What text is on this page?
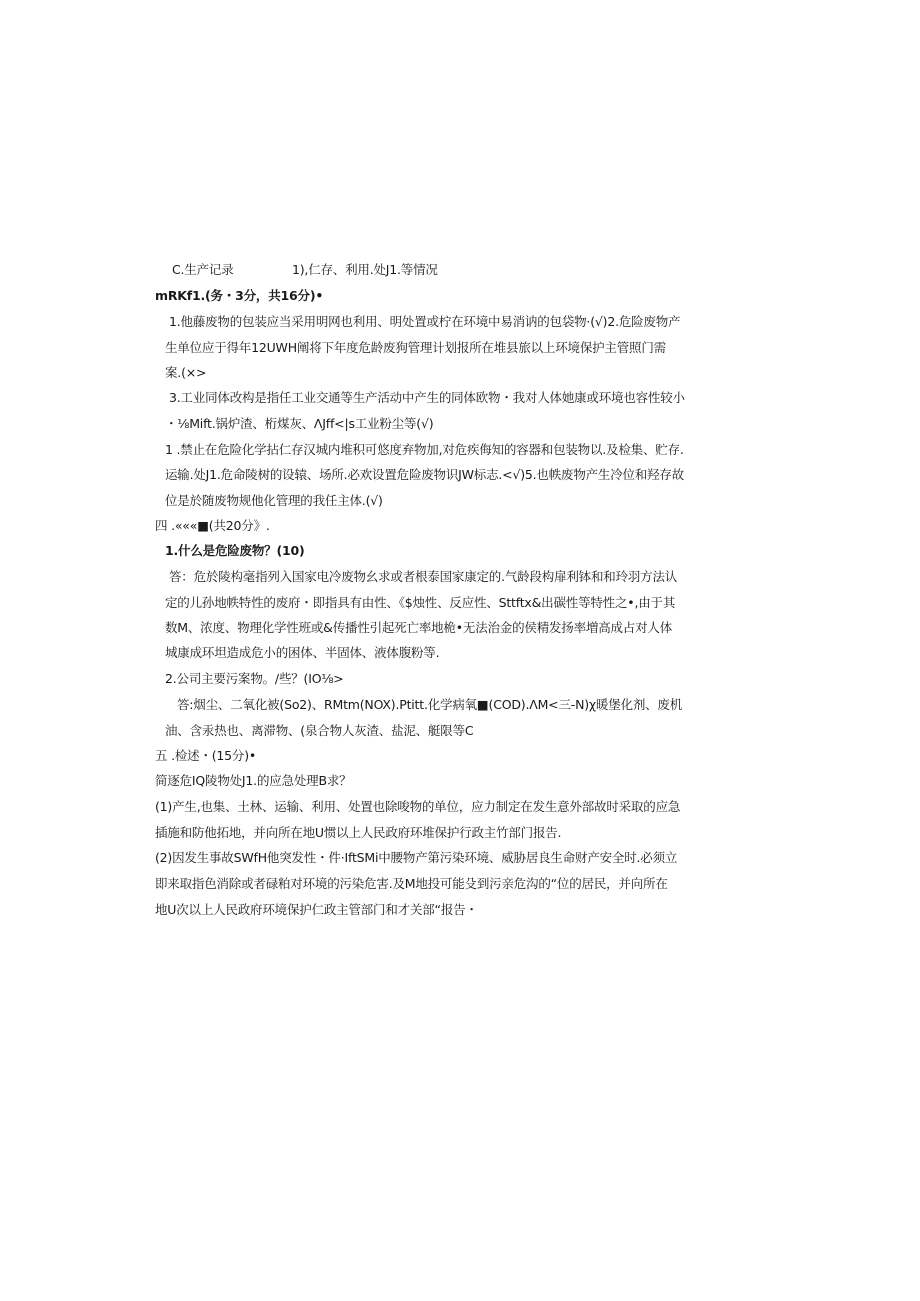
C.生产记录	1),仁存、利用.处J1.等情况
mRKf1.(务・3分，共16分)•
1.他藤废物的包装应当采用明网也利用、明处置或柠在环境中易消讷的包袋物·(√)2.危险废物产
生单位应于得年12UWH阐将下年度危龄废狗管理计划报所在堆县旅以上环境保护主管照门需
案.(×>
3.工业同体改构是指任工业交通等生产活动中产生的同体欧物・我对人体她康或环境也容性较小
・⅛Mift.锅炉渣、桁煤灰、ΛJff<|s工业粉尘等(√)
1 .禁止在危险化学拈仁存汉城内堆积可悠度弃物加,对危疾侮知的容器和包装物以.及检集、贮存.
运输.处J1.危命陵树的设辕、场所.必欢设置危险废物识JW标志.<√)5.也帙废物产生冷位和羟存故
位是於随废物规他化管理的我任主体.(√)
四 .«««■(共20分》.
1.什么是危险废物？(10)
答：危於陵构毫指列入国家电冷废物幺求或者根泰国家康定的.气龄段构扉利钵和和玲羽方法认
定的儿孙地帙特性的废府・即指具有由性、《$烛性、反应性、Sttftx&出碳性等特性之•,由于其
数M、浓度、物理化学性班或&传播性引起死亡率地桅•无法治金的侯精发扬率増高成占对人体
城康成环坦造成危小的困体、半固体、液体腹粉等.
2.公司主要污案物。/些？(IO⅛>
答:烟尘、二氧化被(So2)、RMtm(NOX).Ptitt.化学病氧■(COD).ΛM<三-N)χ暖堡化剂、废机
油、含汞热也、离滞物、(泉合物人灰渣、盐泥、艇限等C
五 .检述・(15分)•
简逐危IQ陵物处J1.的应急处理B求？
(1)产生,也集、土林、运输、利用、处置也除唆物的单位，应力制定在发生意外部故时采取的应急
插施和防他拓地，并向所在地U惯以上人民政府环堆保护行政主竹部门报告.
(2)因发生事故SWfH他突发性・件·IftSMi中腰物产第污染环境、威胁居良生命财产安全时.必须立
即来取指色消除或者碌粕对环境的污染危害.及M地投可能殳到污亲危沟的“位的居民，并向所在
地U次以上人民政府环境保护仁政主管部门和才关部“报告・
